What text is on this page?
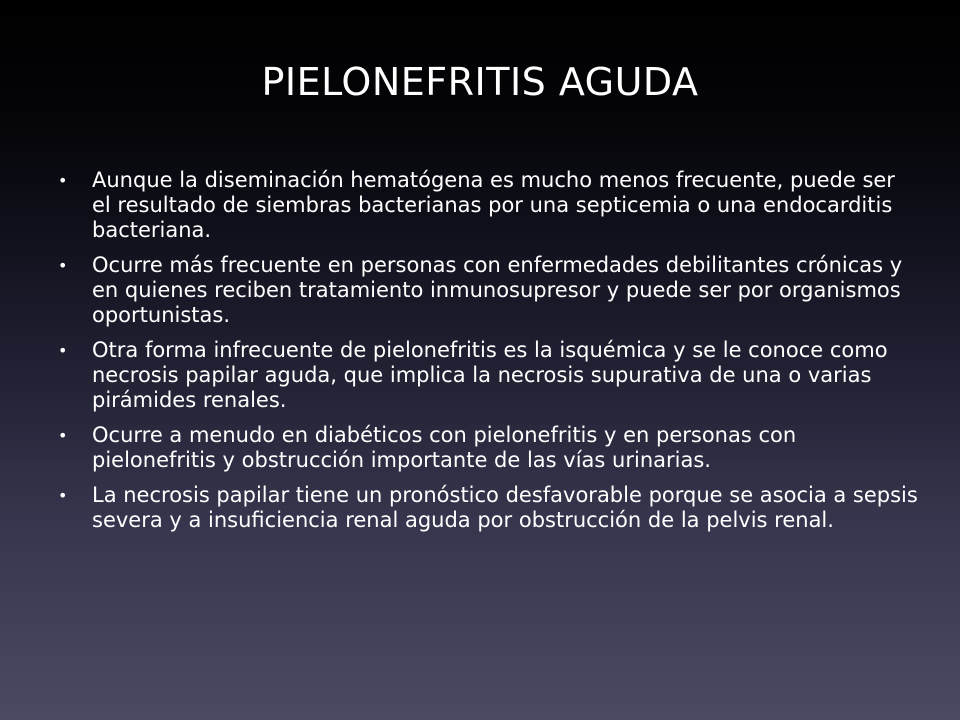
PIELONEFRITIS AGUDA
• Aunque la diseminación hematógena es mucho menos frecuente, puede ser el resultado de siembras bacterianas por una septicemia o una endocarditis bacteriana.
• Ocurre más frecuente en personas con enfermedades debilitantes crónicas y en quienes reciben tratamiento inmunosupresor y puede ser por organismos oportunistas.
• Otra forma infrecuente de pielonefritis es la isquémica y se le conoce como necrosis papilar aguda, que implica la necrosis supurativa de una o varias pirámides renales.
• Ocurre a menudo en diabéticos con pielonefritis y en personas con pielonefritis y obstrucción importante de las vías urinarias.
• La necrosis papilar tiene un pronóstico desfavorable porque se asocia a sepsis severa y a insuficiencia renal aguda por obstrucción de la pelvis renal.
